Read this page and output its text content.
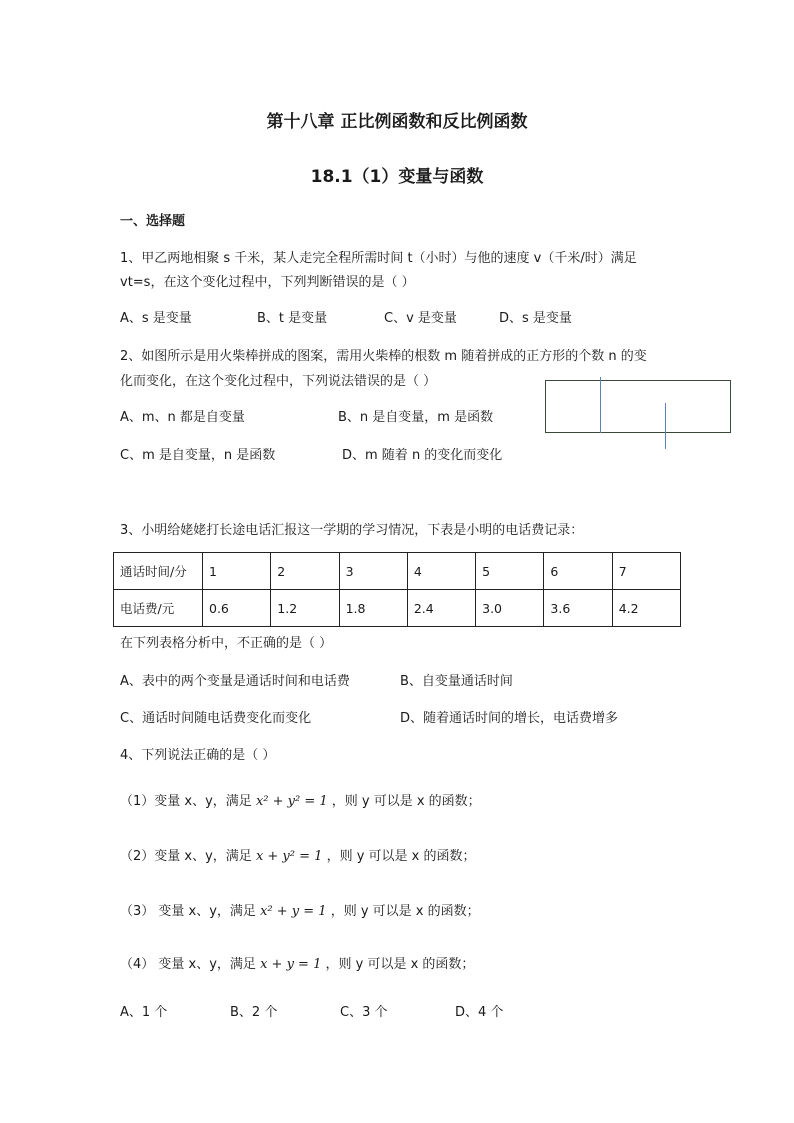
第十八章 正比例函数和反比例函数
18.1（1）变量与函数
一、选择题
1、甲乙两地相聚 s 千米，某人走完全程所需时间 t（小时）与他的速度 v（千米/时）满足
vt=s，在这个变化过程中，下列判断错误的是（ ）
A、s 是变量	B、t 是变量	C、v 是变量	D、s 是变量
2、如图所示是用火柴棒拼成的图案，需用火柴棒的根数 m 随着拼成的正方形的个数 n 的变
化而变化，在这个变化过程中，下列说法错误的是（ ）
A、m、n 都是自变量	B、n 是自变量，m 是函数
C、m 是自变量，n 是函数	D、m 随着 n 的变化而变化
3、小明给姥姥打长途电话汇报这一学期的学习情况，下表是小明的电话费记录：
通话时间/分	1	2	3	4	5	6	7
电话费/元	0.6	1.2	1.8	2.4	3.0	3.6	4.2
在下列表格分析中，不正确的是（ ）
A、表中的两个变量是通话时间和电话费	B、自变量通话时间
C、通话时间随电话费变化而变化	D、随着通话时间的增长，电话费增多
4、下列说法正确的是（ ）
（1）变量 x、y，满足 x² + y² = 1 ，则 y 可以是 x 的函数；
（2）变量 x、y，满足 x + y² = 1 ，则 y 可以是 x 的函数；
（3） 变量 x、y，满足 x² + y = 1 ，则 y 可以是 x 的函数；
（4） 变量 x、y，满足 x + y = 1 ，则 y 可以是 x 的函数；
A、1 个	B、2 个	C、3 个	D、4 个
